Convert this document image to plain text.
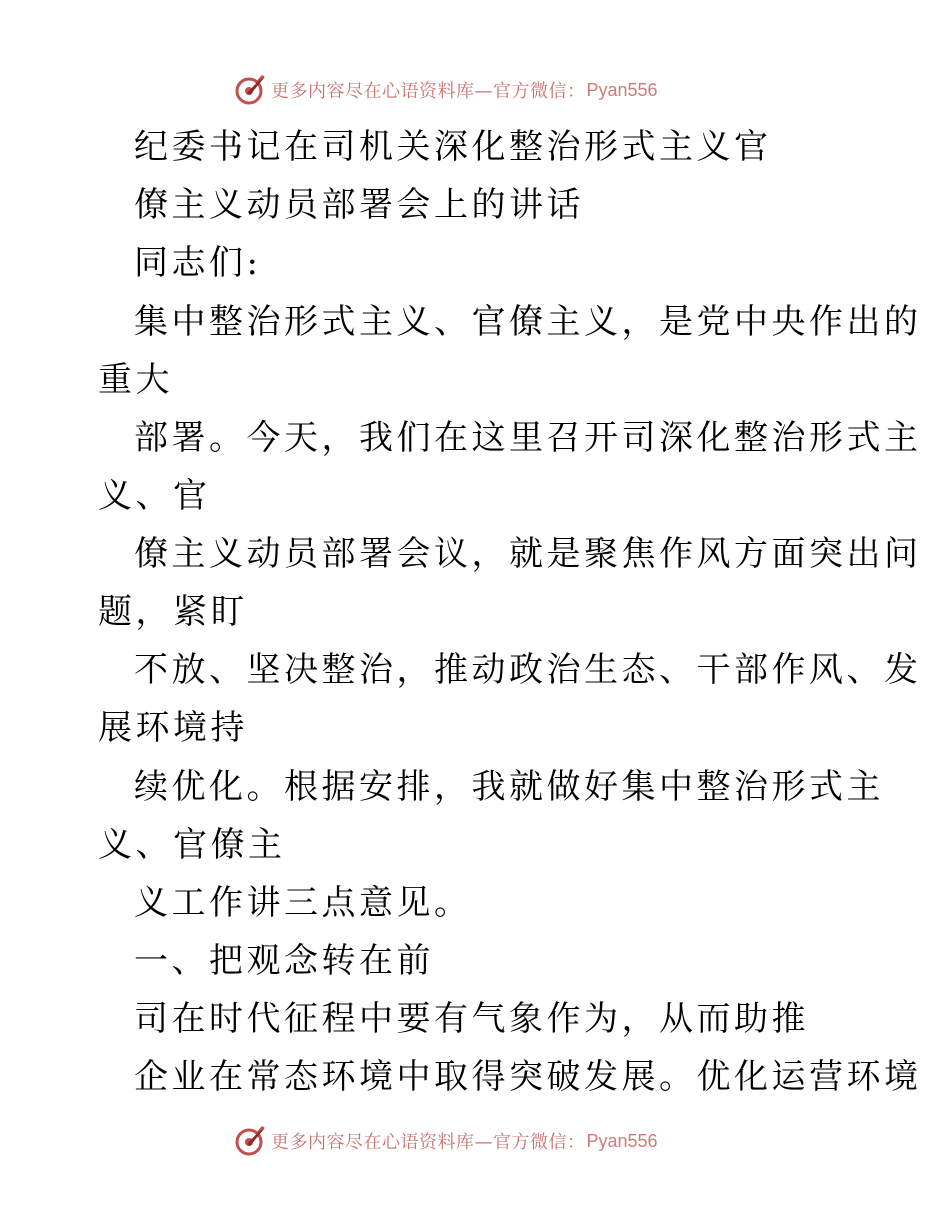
更多内容尽在心语资料库—官方微信： Pyan556
纪委书记在司机关深化整治形式主义官
僚主义动员部署会上的讲话
同志们:
集中整治形式主义、官僚主义，是党中央作出的
重大
部署。今天，我们在这里召开司深化整治形式主
义、官
僚主义动员部署会议，就是聚焦作风方面突出问
题，紧盯
不放、坚决整治，推动政治生态、干部作风、发
展环境持
续优化。根据安排，我就做好集中整治形式主
义、官僚主
义工作讲三点意见。
一、把观念转在前
司在时代征程中要有气象作为，从而助推
企业在常态环境中取得突破发展。优化运营环境
更多内容尽在心语资料库—官方微信： Pyan556
